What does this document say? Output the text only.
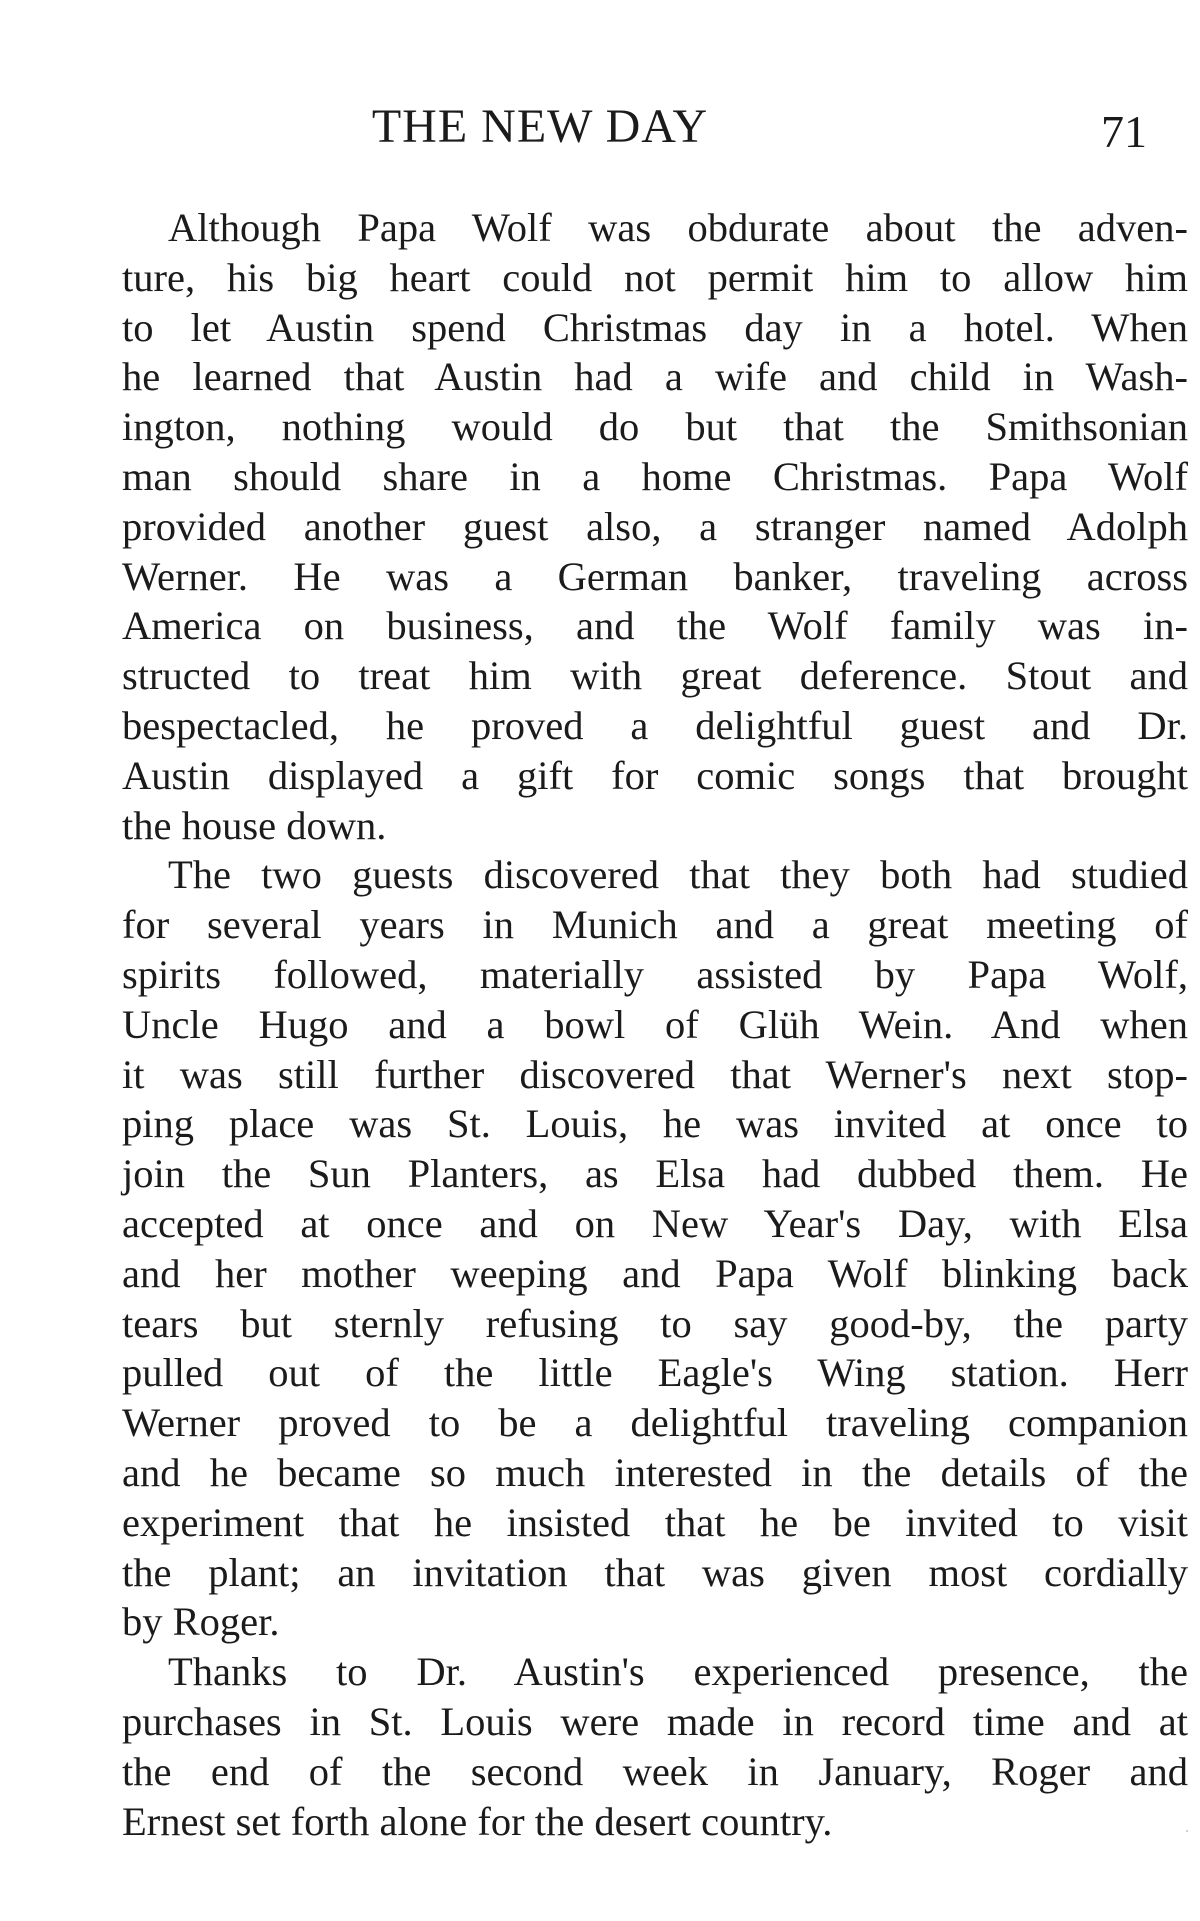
THE NEW DAY	71

Although Papa Wolf was obdurate about the adven-
ture, his big heart could not permit him to allow him
to let Austin spend Christmas day in a hotel. When
he learned that Austin had a wife and child in Wash-
ington, nothing would do but that the Smithsonian
man should share in a home Christmas. Papa Wolf
provided another guest also, a stranger named Adolph
Werner. He was a German banker, traveling across
America on business, and the Wolf family was in-
structed to treat him with great deference. Stout and
bespectacled, he proved a delightful guest and Dr.
Austin displayed a gift for comic songs that brought
the house down.

The two guests discovered that they both had studied
for several years in Munich and a great meeting of
spirits followed, materially assisted by Papa Wolf,
Uncle Hugo and a bowl of Glüh Wein. And when
it was still further discovered that Werner's next stop-
ping place was St. Louis, he was invited at once to
join the Sun Planters, as Elsa had dubbed them. He
accepted at once and on New Year's Day, with Elsa
and her mother weeping and Papa Wolf blinking back
tears but sternly refusing to say good-by, the party
pulled out of the little Eagle's Wing station. Herr
Werner proved to be a delightful traveling companion
and he became so much interested in the details of the
experiment that he insisted that he be invited to visit
the plant; an invitation that was given most cordially
by Roger.

Thanks to Dr. Austin's experienced presence, the
purchases in St. Louis were made in record time and at
the end of the second week in January, Roger and
Ernest set forth alone for the desert country.
